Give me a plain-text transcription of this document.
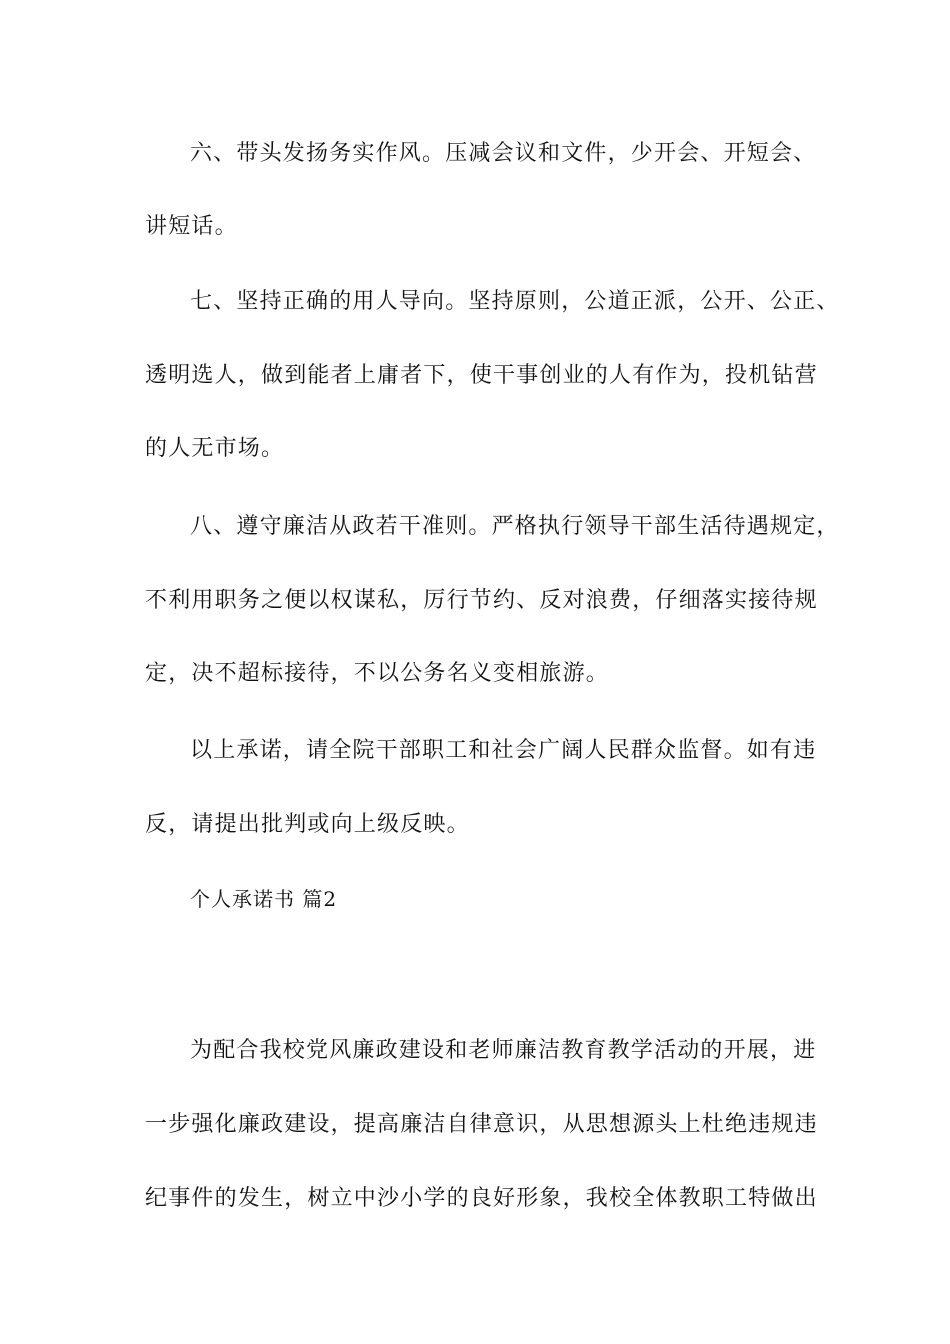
六、带头发扬务实作风。压减会议和文件，少开会、开短会、
讲短话。
七、坚持正确的用人导向。坚持原则，公道正派，公开、公正、
透明选人，做到能者上庸者下，使干事创业的人有作为，投机钻营
的人无市场。
八、遵守廉洁从政若干准则。严格执行领导干部生活待遇规定，
不利用职务之便以权谋私，厉行节约、反对浪费，仔细落实接待规
定，决不超标接待，不以公务名义变相旅游。
以上承诺，请全院干部职工和社会广阔人民群众监督。如有违
反，请提出批判或向上级反映。
个人承诺书 篇2
为配合我校党风廉政建设和老师廉洁教育教学活动的开展，进
一步强化廉政建设，提高廉洁自律意识，从思想源头上杜绝违规违
纪事件的发生，树立中沙小学的良好形象，我校全体教职工特做出
